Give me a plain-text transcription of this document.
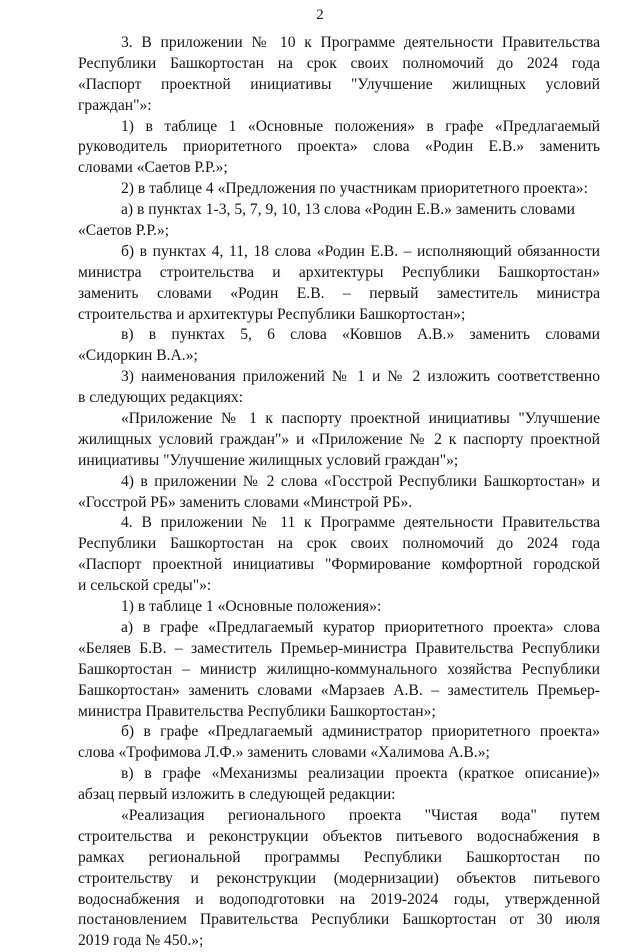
2
3. В приложении № 10 к Программе деятельности Правительства
Республики Башкортостан на срок своих полномочий до 2024 года
«Паспорт проектной инициативы "Улучшение жилищных условий
граждан"»:
1) в таблице 1 «Основные положения» в графе «Предлагаемый
руководитель приоритетного проекта» слова «Родин Е.В.» заменить
словами «Саетов Р.Р.»;
2) в таблице 4 «Предложения по участникам приоритетного проекта»:
а) в пунктах 1-3, 5, 7, 9, 10, 13 слова «Родин Е.В.» заменить словами
«Саетов Р.Р.»;
б) в пунктах 4, 11, 18 слова «Родин Е.В. – исполняющий обязанности
министра строительства и архитектуры Республики Башкортостан»
заменить словами «Родин Е.В. – первый заместитель министра
строительства и архитектуры Республики Башкортостан»;
в) в пунктах 5, 6 слова «Ковшов А.В.» заменить словами
«Сидоркин В.А.»;
3) наименования приложений № 1 и № 2 изложить соответственно
в следующих редакциях:
«Приложение № 1 к паспорту проектной инициативы "Улучшение
жилищных условий граждан"» и «Приложение № 2 к паспорту проектной
инициативы "Улучшение жилищных условий граждан"»;
4) в приложении № 2 слова «Госстрой Республики Башкортостан» и
«Госстрой РБ» заменить словами «Минстрой РБ».
4. В приложении № 11 к Программе деятельности Правительства
Республики Башкортостан на срок своих полномочий до 2024 года
«Паспорт проектной инициативы "Формирование комфортной городской
и сельской среды"»:
1) в таблице 1 «Основные положения»:
а) в графе «Предлагаемый куратор приоритетного проекта» слова
«Беляев Б.В. – заместитель Премьер-министра Правительства Республики
Башкортостан – министр жилищно-коммунального хозяйства Республики
Башкортостан» заменить словами «Марзаев А.В. – заместитель Премьер-
министра Правительства Республики Башкортостан»;
б) в графе «Предлагаемый администратор приоритетного проекта»
слова «Трофимова Л.Ф.» заменить словами «Халимова А.В.»;
в) в графе «Механизмы реализации проекта (краткое описание)»
абзац первый изложить в следующей редакции:
«Реализация регионального проекта "Чистая вода" путем
строительства и реконструкции объектов питьевого водоснабжения в
рамках региональной программы Республики Башкортостан по
строительству и реконструкции (модернизации) объектов питьевого
водоснабжения и водоподготовки на 2019-2024 годы, утвержденной
постановлением Правительства Республики Башкортостан от 30 июля
2019 года № 450.»;
